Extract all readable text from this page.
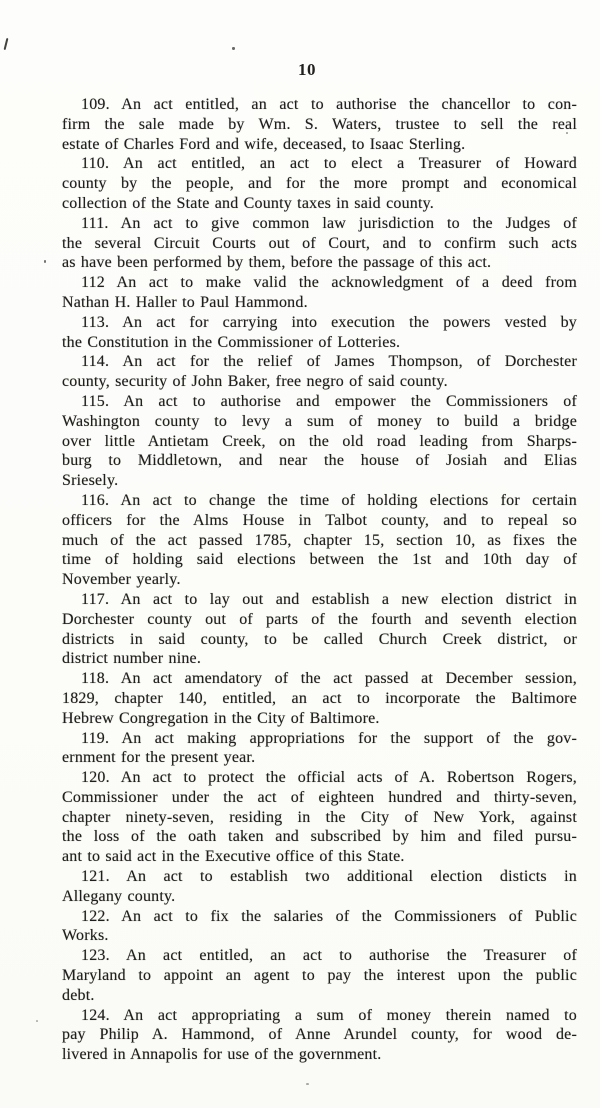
10
109. An act entitled, an act to authorise the chancellor to con-
firm the sale made by Wm. S. Waters, trustee to sell the real
estate of Charles Ford and wife, deceased, to Isaac Sterling.
110. An act entitled, an act to elect a Treasurer of Howard
county by the people, and for the more prompt and economical
collection of the State and County taxes in said county.
111. An act to give common law jurisdiction to the Judges of
the several Circuit Courts out of Court, and to confirm such acts
as have been performed by them, before the passage of this act.
112 An act to make valid the acknowledgment of a deed from
Nathan H. Haller to Paul Hammond.
113. An act for carrying into execution the powers vested by
the Constitution in the Commissioner of Lotteries.
114. An act for the relief of James Thompson, of Dorchester
county, security of John Baker, free negro of said county.
115. An act to authorise and empower the Commissioners of
Washington county to levy a sum of money to build a bridge
over little Antietam Creek, on the old road leading from Sharps-
burg to Middletown, and near the house of Josiah and Elias
Sriesely.
116. An act to change the time of holding elections for certain
officers for the Alms House in Talbot county, and to repeal so
much of the act passed 1785, chapter 15, section 10, as fixes the
time of holding said elections between the 1st and 10th day of
November yearly.
117. An act to lay out and establish a new election district in
Dorchester county out of parts of the fourth and seventh election
districts in said county, to be called Church Creek district, or
district number nine.
118. An act amendatory of the act passed at December session,
1829, chapter 140, entitled, an act to incorporate the Baltimore
Hebrew Congregation in the City of Baltimore.
119. An act making appropriations for the support of the gov-
ernment for the present year.
120. An act to protect the official acts of A. Robertson Rogers,
Commissioner under the act of eighteen hundred and thirty-seven,
chapter ninety-seven, residing in the City of New York, against
the loss of the oath taken and subscribed by him and filed pursu-
ant to said act in the Executive office of this State.
121. An act to establish two additional election disticts in
Allegany county.
122. An act to fix the salaries of the Commissioners of Public
Works.
123. An act entitled, an act to authorise the Treasurer of
Maryland to appoint an agent to pay the interest upon the public
debt.
124. An act appropriating a sum of money therein named to
pay Philip A. Hammond, of Anne Arundel county, for wood de-
livered in Annapolis for use of the government.
